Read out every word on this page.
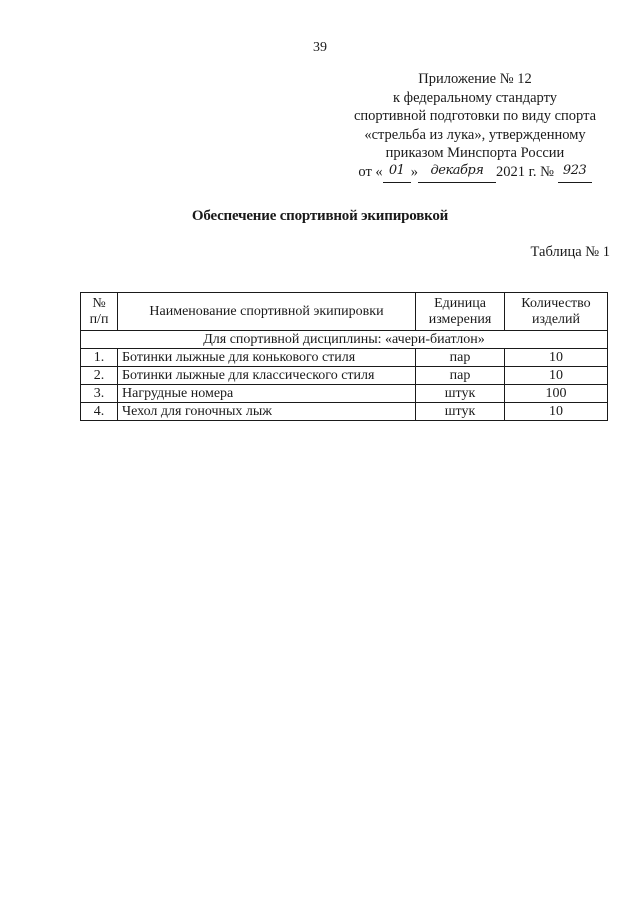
39
Приложение № 12
к федеральному стандарту
спортивной подготовки по виду спорта
«стрельба из лука», утвержденному
приказом Минспорта России
от « 01 » декабря 2021 г. № 923
Обеспечение спортивной экипировкой
Таблица № 1
№ п/п	Наименование спортивной экипировки	Единица измерения	Количество изделий
Для спортивной дисциплины: «ачери-биатлон»			
1.	Ботинки лыжные для конькового стиля	пар	10
2.	Ботинки лыжные для классического стиля	пар	10
3.	Нагрудные номера	штук	100
4.	Чехол для гоночных лыж	штук	10
